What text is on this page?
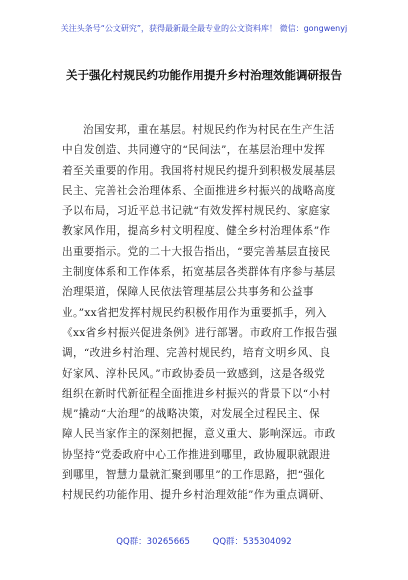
关注头条号“公文研究”，获得最新最全最专业的公文资料库！ 微信：gongwenyj
关于强化村规民约功能作用提升乡村治理效能调研报告
治国安邦，重在基层。村规民约作为村民在生产生活
中自发创造、共同遵守的“民间法”，在基层治理中发挥
着至关重要的作用。我国将村规民约提升到积极发展基层
民主、完善社会治理体系、全面推进乡村振兴的战略高度
予以布局，习近平总书记就“有效发挥村规民约、家庭家
教家风作用，提高乡村文明程度、健全乡村治理体系”作
出重要指示。党的二十大报告指出，“要完善基层直接民
主制度体系和工作体系，拓宽基层各类群体有序参与基层
治理渠道，保障人民依法管理基层公共事务和公益事
业。”xx省把发挥村规民约积极作用作为重要抓手，列入
《xx省乡村振兴促进条例》进行部署。市政府工作报告强
调，“改进乡村治理、完善村规民约，培育文明乡风、良
好家风、淳朴民风。”市政协委员一致感到，这是各级党
组织在新时代新征程全面推进乡村振兴的背景下以“小村
规”撬动“大治理”的战略决策，对发展全过程民主、保
障人民当家作主的深刻把握，意义重大、影响深远。市政
协坚持“党委政府中心工作推进到哪里，政协履职就跟进
到哪里，智慧力量就汇聚到哪里”的工作思路，把“强化
村规民约功能作用、提升乡村治理效能”作为重点调研、
QQ群：30265665	QQ群：535304092
